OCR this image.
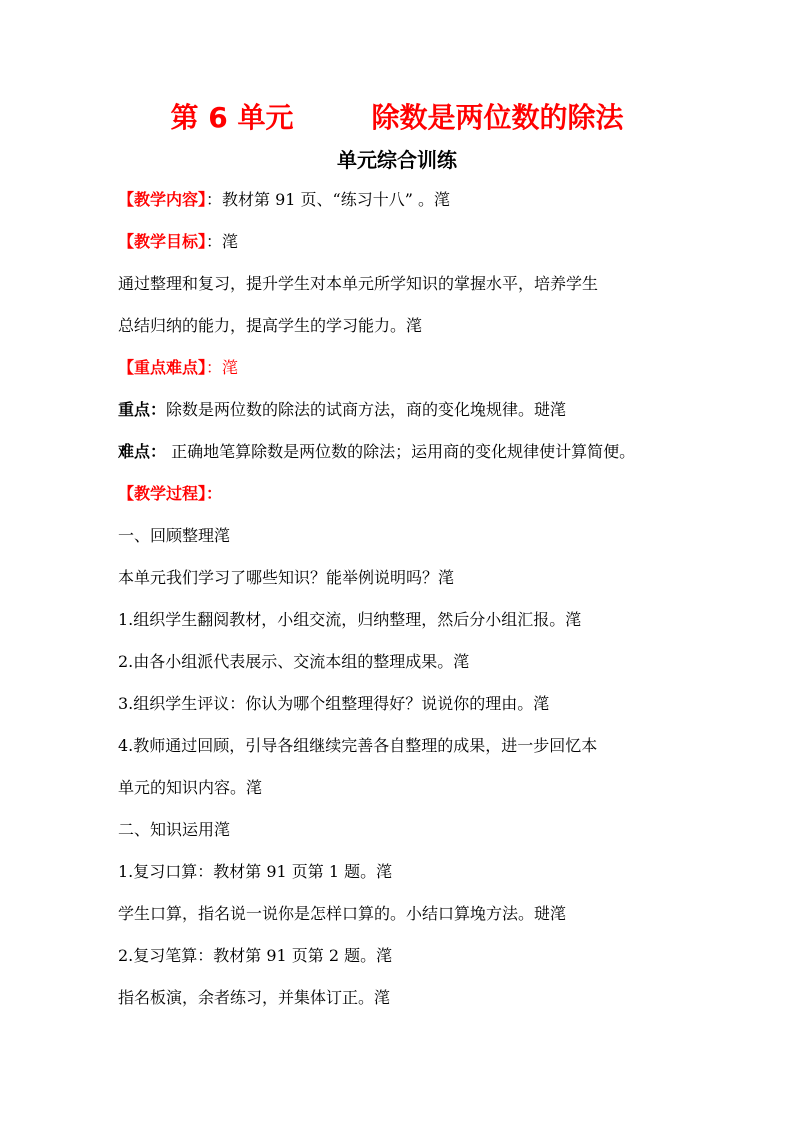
第 6 单元        除数是两位数的除法
单元综合训练
【教学内容】：教材第 91 页、“练习十八” 。滗
【教学目标】：滗
通过整理和复习，提升学生对本单元所学知识的掌握水平，培养学生
总结归纳的能力，提高学生的学习能力。滗
【重点难点】：滗
重点：除数是两位数的除法的试商方法，商的变化堍规律。琎滗
难点： 正确地笔算除数是两位数的除法；运用商的变化规律使计算简便。
【教学过程】：
一、回顾整理滗
本单元我们学习了哪些知识？能举例说明吗？滗
1.组织学生翻阅教材，小组交流，归纳整理，然后分小组汇报。滗
2.由各小组派代表展示、交流本组的整理成果。滗
3.组织学生评议：你认为哪个组整理得好？说说你的理由。滗
4.教师通过回顾，引导各组继续完善各自整理的成果，进一步回忆本
单元的知识内容。滗
二、知识运用滗
1.复习口算：教材第 91 页第 1 题。滗
学生口算，指名说一说你是怎样口算的。小结口算堍方法。琎滗
2.复习笔算：教材第 91 页第 2 题。滗
指名板演，余者练习，并集体订正。滗
